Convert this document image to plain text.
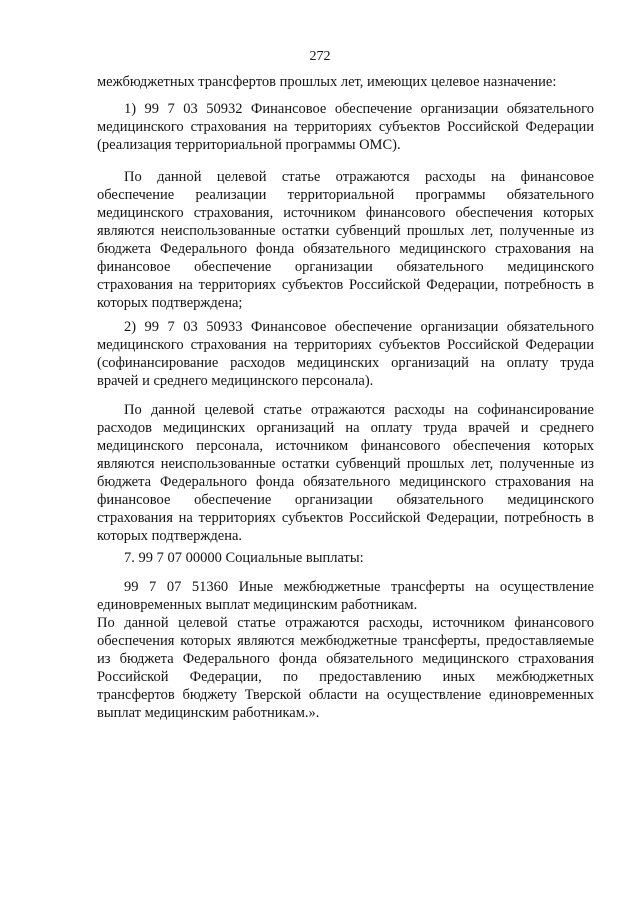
272
межбюджетных трансфертов прошлых лет, имеющих целевое назначение:
1) 99 7 03 50932 Финансовое обеспечение организации обязательного
медицинского страхования на территориях субъектов Российской Федерации
(реализация территориальной программы ОМС).
По данной целевой статье отражаются расходы на финансовое
обеспечение реализации территориальной программы обязательного
медицинского страхования, источником финансового обеспечения которых
являются неиспользованные остатки субвенций прошлых лет, полученные из
бюджета Федерального фонда обязательного медицинского страхования на
финансовое обеспечение организации обязательного медицинского
страхования на территориях субъектов Российской Федерации, потребность в
которых подтверждена;
2) 99 7 03 50933 Финансовое обеспечение организации обязательного
медицинского страхования на территориях субъектов Российской Федерации
(софинансирование расходов медицинских организаций на оплату труда
врачей и среднего медицинского персонала).
По данной целевой статье отражаются расходы на софинансирование
расходов медицинских организаций на оплату труда врачей и среднего
медицинского персонала, источником финансового обеспечения которых
являются неиспользованные остатки субвенций прошлых лет, полученные из
бюджета Федерального фонда обязательного медицинского страхования на
финансовое обеспечение организации обязательного медицинского
страхования на территориях субъектов Российской Федерации, потребность в
которых подтверждена.
7. 99 7 07 00000 Социальные выплаты:
99 7 07 51360 Иные межбюджетные трансферты на осуществление
единовременных выплат медицинским работникам.
По данной целевой статье отражаются расходы, источником финансового
обеспечения которых являются межбюджетные трансферты, предоставляемые
из бюджета Федерального фонда обязательного медицинского страхования
Российской Федерации, по предоставлению иных межбюджетных
трансфертов бюджету Тверской области на осуществление единовременных
выплат медицинским работникам.».
